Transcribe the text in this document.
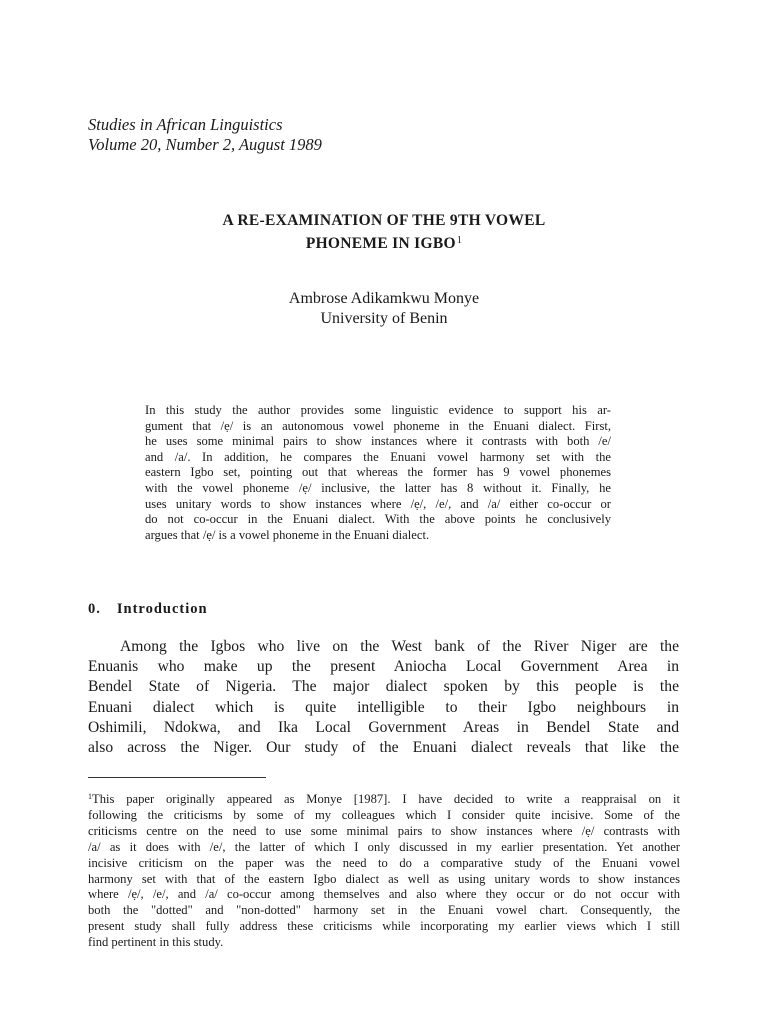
Studies in African Linguistics
Volume 20, Number 2, August 1989
A RE-EXAMINATION OF THE 9TH VOWEL
PHONEME IN IGBO$^1$
Ambrose Adikamkwu Monye
University of Benin
In this study the author provides some linguistic evidence to support his ar-
gument that /ẹ/ is an autonomous vowel phoneme in the Enuani dialect. First,
he uses some minimal pairs to show instances where it contrasts with both /e/
and /a/. In addition, he compares the Enuani vowel harmony set with the
eastern Igbo set, pointing out that whereas the former has 9 vowel phonemes
with the vowel phoneme /ẹ/ inclusive, the latter has 8 without it. Finally, he
uses unitary words to show instances where /ẹ/, /e/, and /a/ either co-occur or
do not co-occur in the Enuani dialect. With the above points he conclusively
argues that /ẹ/ is a vowel phoneme in the Enuani dialect.
0. Introduction
Among the Igbos who live on the West bank of the River Niger are the
Enuanis who make up the present Aniocha Local Government Area in
Bendel State of Nigeria. The major dialect spoken by this people is the
Enuani dialect which is quite intelligible to their Igbo neighbours in
Oshimili, Ndokwa, and Ika Local Government Areas in Bendel State and
also across the Niger. Our study of the Enuani dialect reveals that like the
$^1$This paper originally appeared as Monye [1987]. I have decided to write a reappraisal on it
following the criticisms by some of my colleagues which I consider quite incisive. Some of the
criticisms centre on the need to use some minimal pairs to show instances where /ẹ/ contrasts with
/a/ as it does with /e/, the latter of which I only discussed in my earlier presentation. Yet another
incisive criticism on the paper was the need to do a comparative study of the Enuani vowel
harmony set with that of the eastern Igbo dialect as well as using unitary words to show instances
where /ẹ/, /e/, and /a/ co-occur among themselves and also where they occur or do not occur with
both the "dotted" and "non-dotted" harmony set in the Enuani vowel chart. Consequently, the
present study shall fully address these criticisms while incorporating my earlier views which I still
find pertinent in this study.
